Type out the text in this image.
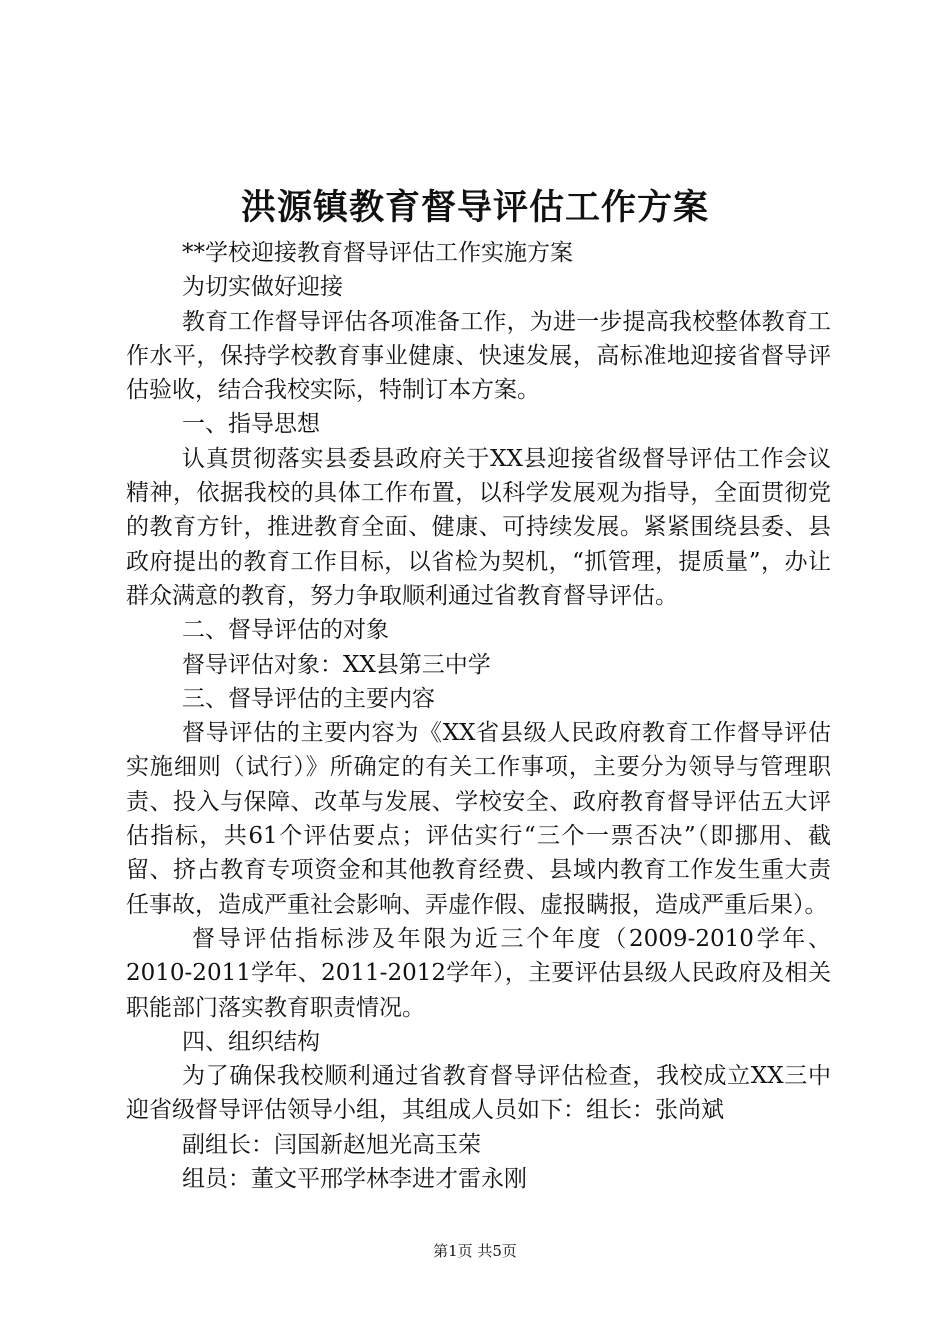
洪源镇教育督导评估工作方案

**学校迎接教育督导评估工作实施方案

为切实做好迎接

教育工作督导评估各项准备工作，为进一步提高我校整体教育工作水平，保持学校教育事业健康、快速发展，高标准地迎接省督导评估验收，结合我校实际，特制订本方案。

一、指导思想

认真贯彻落实县委县政府关于XX县迎接省级督导评估工作会议精神，依据我校的具体工作布置，以科学发展观为指导，全面贯彻党的教育方针，推进教育全面、健康、可持续发展。紧紧围绕县委、县政府提出的教育工作目标，以省检为契机，“抓管理，提质量”，办让群众满意的教育，努力争取顺利通过省教育督导评估。

二、督导评估的对象

督导评估对象：XX县第三中学

三、督导评估的主要内容

督导评估的主要内容为《XX省县级人民政府教育工作督导评估实施细则（试行）》所确定的有关工作事项，主要分为领导与管理职责、投入与保障、改革与发展、学校安全、政府教育督导评估五大评估指标，共61个评估要点；评估实行“三个一票否决”（即挪用、截留、挤占教育专项资金和其他教育经费、县域内教育工作发生重大责任事故，造成严重社会影响、弄虚作假、虚报瞒报，造成严重后果）。

督导评估指标涉及年限为近三个年度（2009-2010学年、2010-2011学年、2011-2012学年），主要评估县级人民政府及相关职能部门落实教育职责情况。

四、组织结构

为了确保我校顺利通过省教育督导评估检查，我校成立XX三中迎省级督导评估领导小组，其组成人员如下：组长：张尚斌

副组长：闫国新赵旭光高玉荣

组员：董文平邢学林李进才雷永刚

第1页 共5页
